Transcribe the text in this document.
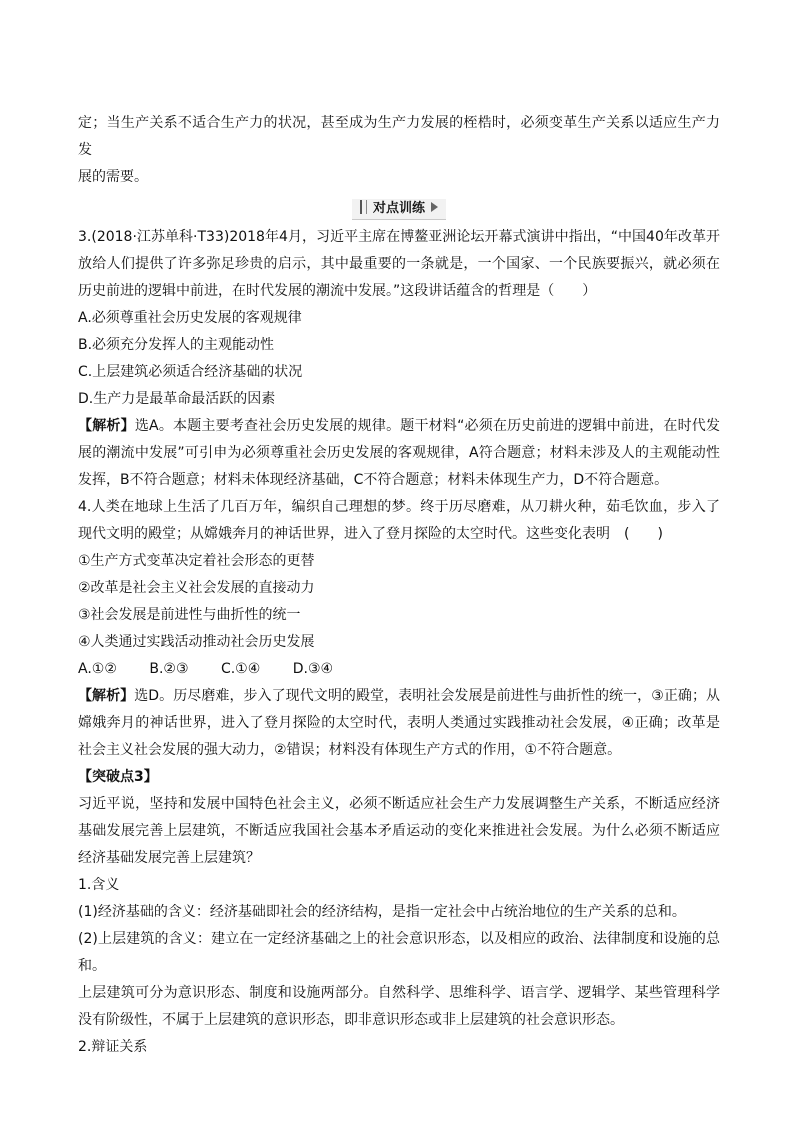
定；当生产关系不适合生产力的状况，甚至成为生产力发展的桎梏时，必须变革生产关系以适应生产力发
展的需要。

对点训练

3.(2018·江苏单科·T33)2018年4月，习近平主席在博鳌亚洲论坛开幕式演讲中指出，“中国40年改革开放给人们提供了许多弥足珍贵的启示，其中最重要的一条就是，一个国家、一个民族要振兴，就必须在历史前进的逻辑中前进，在时代发展的潮流中发展。”这段讲话蕴含的哲理是（　　）

A.必须尊重社会历史发展的客观规律

B.必须充分发挥人的主观能动性

C.上层建筑必须适合经济基础的状况

D.生产力是最革命最活跃的因素

【解析】选A。本题主要考查社会历史发展的规律。题干材料“必须在历史前进的逻辑中前进，在时代发展的潮流中发展”可引申为必须尊重社会历史发展的客观规律，A符合题意；材料未涉及人的主观能动性发挥，B不符合题意；材料未体现经济基础，C不符合题意；材料未体现生产力，D不符合题意。

4.人类在地球上生活了几百万年，编织自己理想的梦。终于历尽磨难，从刀耕火种，茹毛饮血，步入了现代文明的殿堂；从嫦娥奔月的神话世界，进入了登月探险的太空时代。这些变化表明　(　　)

①生产方式变革决定着社会形态的更替

②改革是社会主义社会发展的直接动力

③社会发展是前进性与曲折性的统一

④人类通过实践活动推动社会历史发展

A.①② B.②③ C.①④ D.③④

【解析】选D。历尽磨难，步入了现代文明的殿堂，表明社会发展是前进性与曲折性的统一，③正确；从嫦娥奔月的神话世界，进入了登月探险的太空时代，表明人类通过实践推动社会发展，④正确；改革是社会主义社会发展的强大动力，②错误；材料没有体现生产方式的作用，①不符合题意。

【突破点3】

习近平说，坚持和发展中国特色社会主义，必须不断适应社会生产力发展调整生产关系，不断适应经济基础发展完善上层建筑，不断适应我国社会基本矛盾运动的变化来推进社会发展。为什么必须不断适应经济基础发展完善上层建筑？

1.含义

(1)经济基础的含义：经济基础即社会的经济结构，是指一定社会中占统治地位的生产关系的总和。

(2)上层建筑的含义：建立在一定经济基础之上的社会意识形态，以及相应的政治、法律制度和设施的总和。

上层建筑可分为意识形态、制度和设施两部分。自然科学、思维科学、语言学、逻辑学、某些管理科学没有阶级性，不属于上层建筑的意识形态，即非意识形态或非上层建筑的社会意识形态。

2.辩证关系
